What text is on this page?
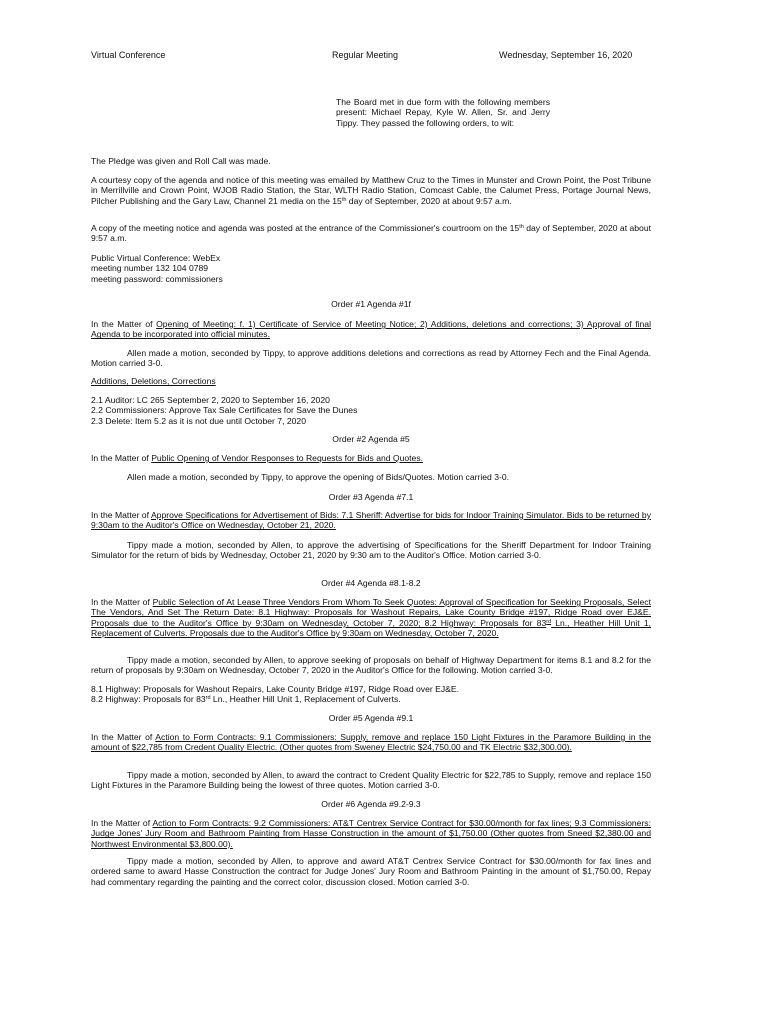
Virtual Conference	Regular Meeting	Wednesday, September 16, 2020
The Board met in due form with the following members present: Michael Repay, Kyle W. Allen, Sr. and Jerry Tippy. They passed the following orders, to wit:
The Pledge was given and Roll Call was made.
A courtesy copy of the agenda and notice of this meeting was emailed by Matthew Cruz to the Times in Munster and Crown Point, the Post Tribune in Merrillville and Crown Point, WJOB Radio Station, the Star, WLTH Radio Station, Comcast Cable, the Calumet Press, Portage Journal News, Pilcher Publishing and the Gary Law, Channel 21 media on the 15th day of September, 2020 at about 9:57 a.m.
A copy of the meeting notice and agenda was posted at the entrance of the Commissioner's courtroom on the 15th day of September, 2020 at about 9:57 a.m.
Public Virtual Conference: WebEx
meeting number 132 104 0789
meeting password: commissioners
Order #1 Agenda #1f
In the Matter of Opening of Meeting: f. 1) Certificate of Service of Meeting Notice; 2) Additions, deletions and corrections; 3) Approval of final Agenda to be incorporated into official minutes.
Allen made a motion, seconded by Tippy, to approve additions deletions and corrections as read by Attorney Fech and the Final Agenda. Motion carried 3-0.
Additions, Deletions, Corrections
2.1 Auditor: LC 265 September 2, 2020 to September 16, 2020
2.2 Commissioners: Approve Tax Sale Certificates for Save the Dunes
2.3 Delete: Item 5.2 as it is not due until October 7, 2020
Order #2 Agenda #5
In the Matter of Public Opening of Vendor Responses to Requests for Bids and Quotes.
Allen made a motion, seconded by Tippy, to approve the opening of Bids/Quotes. Motion carried 3-0.
Order #3 Agenda #7.1
In the Matter of Approve Specifications for Advertisement of Bids: 7.1 Sheriff: Advertise for bids for Indoor Training Simulator. Bids to be returned by 9:30am to the Auditor's Office on Wednesday, October 21, 2020.
Tippy made a motion, seconded by Allen, to approve the advertising of Specifications for the Sheriff Department for Indoor Training Simulator for the return of bids by Wednesday, October 21, 2020 by 9:30 am to the Auditor's Office. Motion carried 3-0.
Order #4 Agenda #8.1-8.2
In the Matter of Public Selection of At Lease Three Vendors From Whom To Seek Quotes: Approval of Specification for Seeking Proposals, Select The Vendors, And Set The Return Date: 8.1 Highway: Proposals for Washout Repairs, Lake County Bridge #197, Ridge Road over EJ&E. Proposals due to the Auditor's Office by 9:30am on Wednesday, October 7, 2020; 8.2 Highway: Proposals for 83rd Ln., Heather Hill Unit 1, Replacement of Culverts. Proposals due to the Auditor's Office by 9:30am on Wednesday, October 7, 2020.
Tippy made a motion, seconded by Allen, to approve seeking of proposals on behalf of Highway Department for items 8.1 and 8.2 for the return of proposals by 9:30am on Wednesday, October 7, 2020 in the Auditor's Office for the following. Motion carried 3-0.
8.1 Highway: Proposals for Washout Repairs, Lake County Bridge #197, Ridge Road over EJ&E.
8.2 Highway: Proposals for 83rd Ln., Heather Hill Unit 1, Replacement of Culverts.
Order #5 Agenda #9.1
In the Matter of Action to Form Contracts: 9.1 Commissioners: Supply, remove and replace 150 Light Fixtures in the Paramore Building in the amount of $22,785 from Credent Quality Electric. (Other quotes from Sweney Electric $24,750.00 and TK Electric $32,300.00).
Tippy made a motion, seconded by Allen, to award the contract to Credent Quality Electric for $22,785 to Supply, remove and replace 150 Light Fixtures in the Paramore Building being the lowest of three quotes. Motion carried 3-0.
Order #6 Agenda #9.2-9.3
In the Matter of Action to Form Contracts: 9.2 Commissioners: AT&T Centrex Service Contract for $30.00/month for fax lines; 9.3 Commissioners: Judge Jones' Jury Room and Bathroom Painting from Hasse Construction in the amount of $1,750.00 (Other quotes from Sneed $2,380.00 and Northwest Environmental $3,800.00).
Tippy made a motion, seconded by Allen, to approve and award AT&T Centrex Service Contract for $30.00/month for fax lines and ordered same to award Hasse Construction the contract for Judge Jones' Jury Room and Bathroom Painting in the amount of $1,750.00, Repay had commentary regarding the painting and the correct color, discussion closed. Motion carried 3-0.
